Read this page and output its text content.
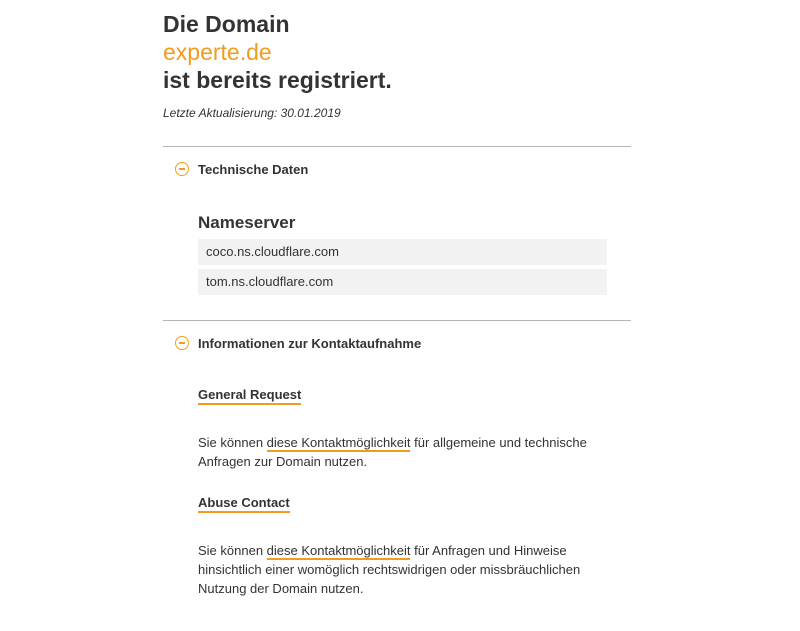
Die Domain
experte.de
ist bereits registriert.
Letzte Aktualisierung: 30.01.2019
Technische Daten
Nameserver
coco.ns.cloudflare.com
tom.ns.cloudflare.com
Informationen zur Kontaktaufnahme
General Request
Sie können diese Kontaktmöglichkeit für allgemeine und technische Anfragen zur Domain nutzen.
Abuse Contact
Sie können diese Kontaktmöglichkeit für Anfragen und Hinweise hinsichtlich einer womöglich rechtswidrigen oder missbräuchlichen Nutzung der Domain nutzen.
